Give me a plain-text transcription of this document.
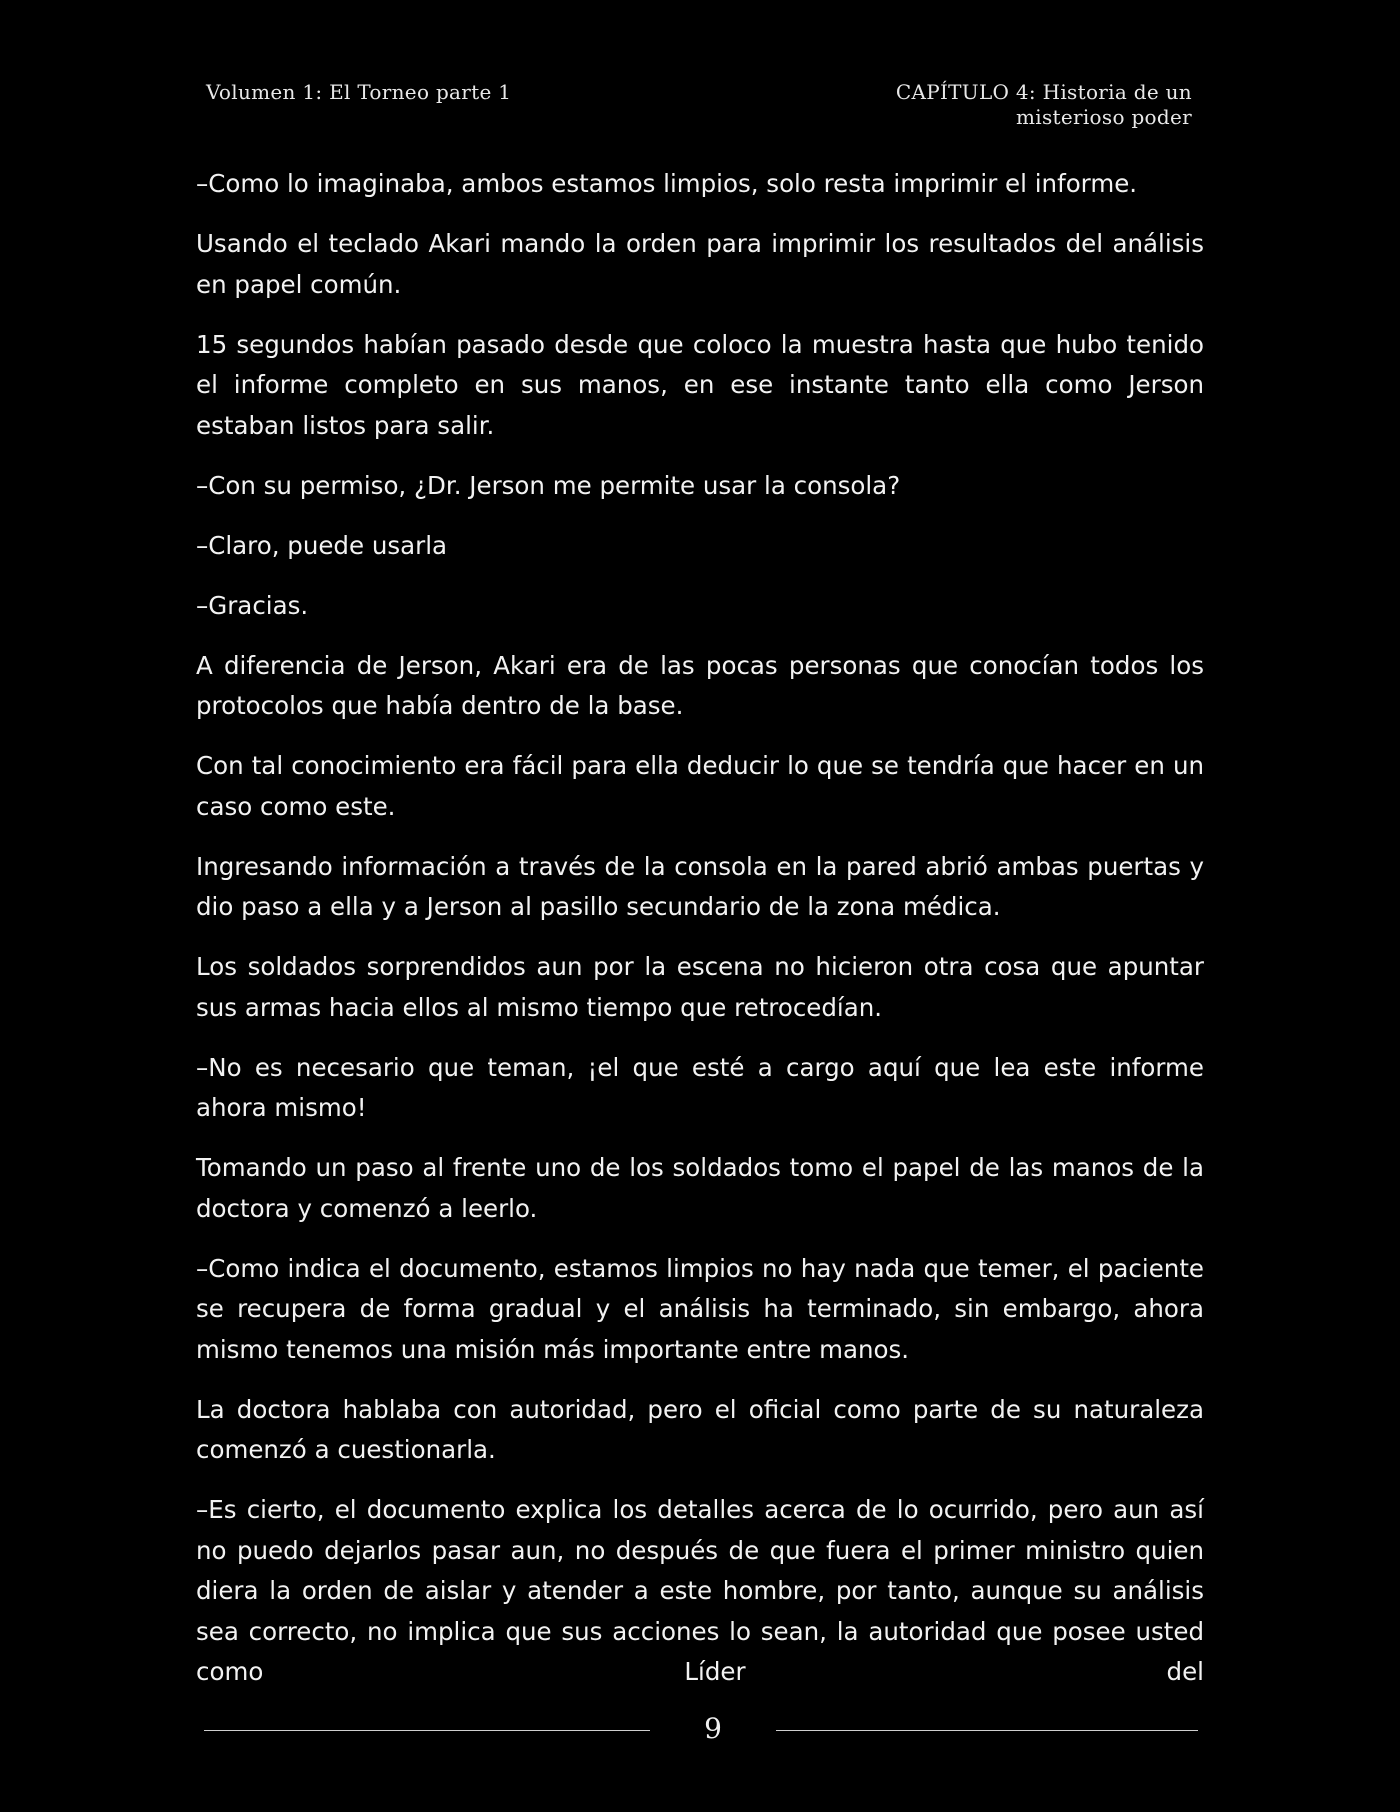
Volumen 1: El Torneo parte 1	CAPÍTULO 4: Historia de un
misterioso poder

–Como lo imaginaba, ambos estamos limpios, solo resta imprimir el informe.

Usando el teclado Akari mando la orden para imprimir los resultados del análisis en papel común.

15 segundos habían pasado desde que coloco la muestra hasta que hubo tenido el informe completo en sus manos, en ese instante tanto ella como Jerson estaban listos para salir.

–Con su permiso, ¿Dr. Jerson me permite usar la consola?

–Claro, puede usarla

–Gracias.

A diferencia de Jerson, Akari era de las pocas personas que conocían todos los protocolos que había dentro de la base.

Con tal conocimiento era fácil para ella deducir lo que se tendría que hacer en un caso como este.

Ingresando información a través de la consola en la pared abrió ambas puertas y dio paso a ella y a Jerson al pasillo secundario de la zona médica.

Los soldados sorprendidos aun por la escena no hicieron otra cosa que apuntar sus armas hacia ellos al mismo tiempo que retrocedían.

–No es necesario que teman, ¡el que esté a cargo aquí que lea este informe ahora mismo!

Tomando un paso al frente uno de los soldados tomo el papel de las manos de la doctora y comenzó a leerlo.

–Como indica el documento, estamos limpios no hay nada que temer, el paciente se recupera de forma gradual y el análisis ha terminado, sin embargo, ahora mismo tenemos una misión más importante entre manos.

La doctora hablaba con autoridad, pero el oficial como parte de su naturaleza comenzó a cuestionarla.

–Es cierto, el documento explica los detalles acerca de lo ocurrido, pero aun así no puedo dejarlos pasar aun, no después de que fuera el primer ministro quien diera la orden de aislar y atender a este hombre, por tanto, aunque su análisis sea correcto, no implica que sus acciones lo sean, la autoridad que posee usted como Líder del

9
